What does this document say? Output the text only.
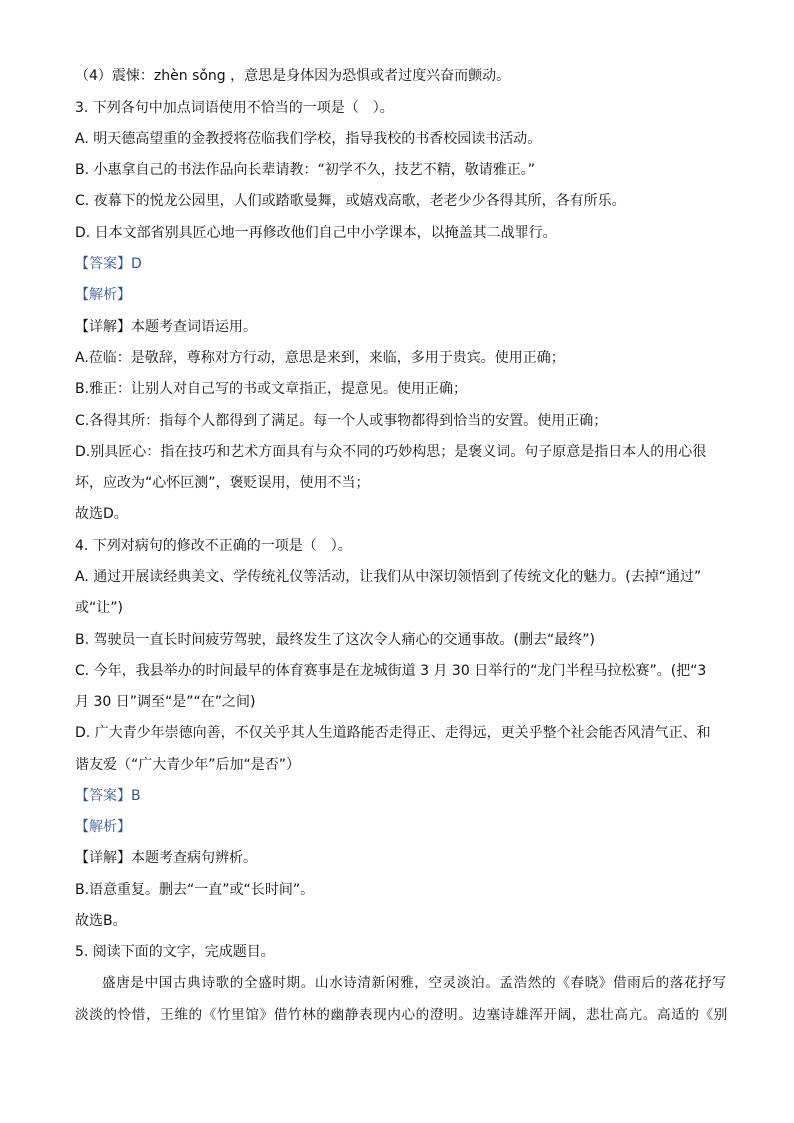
（4）震悚：zhèn sǒng ，意思是身体因为恐惧或者过度兴奋而颤动。
3. 下列各句中加点词语使用不恰当的一项是（　）。
A. 明天德高望重的金教授将莅临我们学校，指导我校的书香校园读书活动。
B. 小惠拿自己的书法作品向长辈请教：“初学不久，技艺不精，敬请雅正。”
C. 夜幕下的悦龙公园里，人们或踏歌曼舞，或嬉戏高歌，老老少少各得其所，各有所乐。
D. 日本文部省别具匠心地一再修改他们自己中小学课本，以掩盖其二战罪行。
【答案】D
【解析】
【详解】本题考查词语运用。
A.莅临：是敬辞，尊称对方行动，意思是来到，来临，多用于贵宾。使用正确；
B.雅正：让别人对自己写的书或文章指正，提意见。使用正确；
C.各得其所：指每个人都得到了满足。每一个人或事物都得到恰当的安置。使用正确；
D.别具匠心：指在技巧和艺术方面具有与众不同的巧妙构思；是褒义词。句子原意是指日本人的用心很
坏，应改为“心怀叵测”，褒贬误用，使用不当；
故选D。
4. 下列对病句的修改不正确的一项是（　）。
A. 通过开展读经典美文、学传统礼仪等活动，让我们从中深切领悟到了传统文化的魅力。(去掉“通过”
或“让”)
B. 驾驶员一直长时间疲劳驾驶，最终发生了这次令人痛心的交通事故。(删去“最终”)
C. 今年，我县举办的时间最早的体育赛事是在龙城街道 3 月 30 日举行的“龙门半程马拉松赛”。(把“3
月 30 日”调至“是”“在”之间)
D. 广大青少年崇德向善，不仅关乎其人生道路能否走得正、走得远，更关乎整个社会能否风清气正、和
谐友爱（“广大青少年”后加“是否”）
【答案】B
【解析】
【详解】本题考查病句辨析。
B.语意重复。删去“一直”或“长时间”。
故选B。
5. 阅读下面的文字，完成题目。
盛唐是中国古典诗歌的全盛时期。山水诗清新闲雅，空灵淡泊。孟浩然的《春晓》借雨后的落花抒写
淡淡的怜惜，王维的《竹里馆》借竹林的幽静表现内心的澄明。边塞诗雄浑开阔，悲壮高亢。高适的《别
